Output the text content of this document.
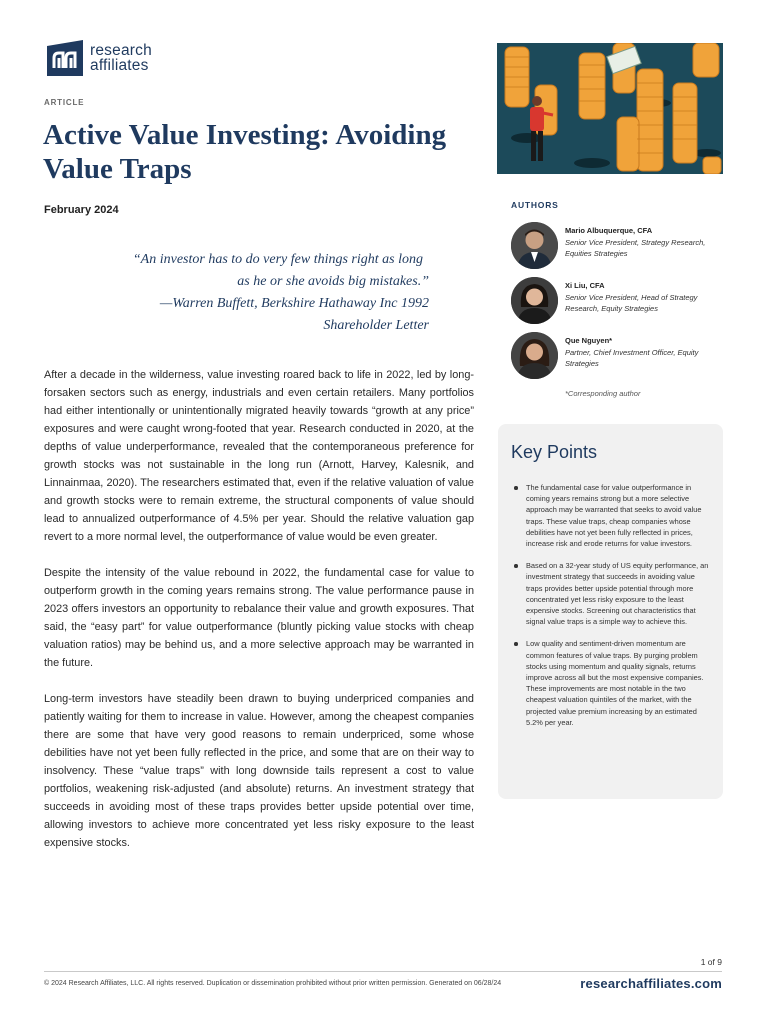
research
affiliates
ARTICLE
Active Value Investing: Avoiding Value Traps
February 2024
“An investor has to do very few things right as long
as he or she avoids big mistakes.”
—Warren Buffett, Berkshire Hathaway Inc 1992
Shareholder Letter

After a decade in the wilderness, value investing roared back to life in 2022, led by long-forsaken sectors such as energy, industrials and even certain retailers. Many portfolios had either intentionally or unintentionally migrated heavily towards “growth at any price” exposures and were caught wrong-footed that year. Research conducted in 2020, at the depths of value underperformance, revealed that the contemporaneous preference for growth stocks was not sustainable in the long run (Arnott, Harvey, Kalesnik, and Linnainmaa, 2020). The researchers estimated that, even if the relative valuation of value and growth stocks were to remain extreme, the structural components of value should lead to annualized outperformance of 4.5% per year. Should the relative valuation gap revert to a more normal level, the outperformance of value would be even greater.

Despite the intensity of the value rebound in 2022, the fundamental case for value to outperform growth in the coming years remains strong. The value performance pause in 2023 offers investors an opportunity to rebalance their value and growth exposures. That said, the “easy part” for value outperformance (bluntly picking value stocks with cheap valuation ratios) may be behind us, and a more selective approach may be warranted in the future.

Long-term investors have steadily been drawn to buying underpriced companies and patiently waiting for them to increase in value. However, among the cheapest companies there are some that have very good reasons to remain underpriced, some whose debilities have not yet been fully reflected in the price, and some that are on their way to insolvency. These “value traps” with long downside tails represent a cost to value portfolios, weakening risk-adjusted (and absolute) returns. An investment strategy that succeeds in avoiding most of these traps provides better upside potential over time, allowing investors to achieve more concentrated yet less risky exposure to the least expensive stocks.

AUTHORS
Mario Albuquerque, CFA
Senior Vice President, Strategy Research, Equities Strategies
Xi Liu, CFA
Senior Vice President, Head of Strategy Research, Equity Strategies
Que Nguyen*
Partner, Chief Investment Officer, Equity Strategies
*Corresponding author
Key Points
The fundamental case for value outperformance in coming years remains strong but a more selective approach may be warranted that seeks to avoid value traps. These value traps, cheap companies whose debilities have not yet been fully reflected in prices, increase risk and erode returns for value investors.
Based on a 32-year study of US equity performance, an investment strategy that succeeds in avoiding value traps provides better upside potential through more concentrated yet less risky exposure to the least expensive stocks. Screening out characteristics that signal value traps is a simple way to achieve this.
Low quality and sentiment-driven momentum are common features of value traps. By purging problem stocks using momentum and quality signals, returns improve across all but the most expensive companies. These improvements are most notable in the two cheapest valuation quintiles of the market, with the projected value premium increasing by an estimated 5.2% per year.
1 of 9
© 2024 Research Affiliates, LLC. All rights reserved. Duplication or dissemination prohibited without prior written permission. Generated on 06/28/24	researchaffiliates.com
